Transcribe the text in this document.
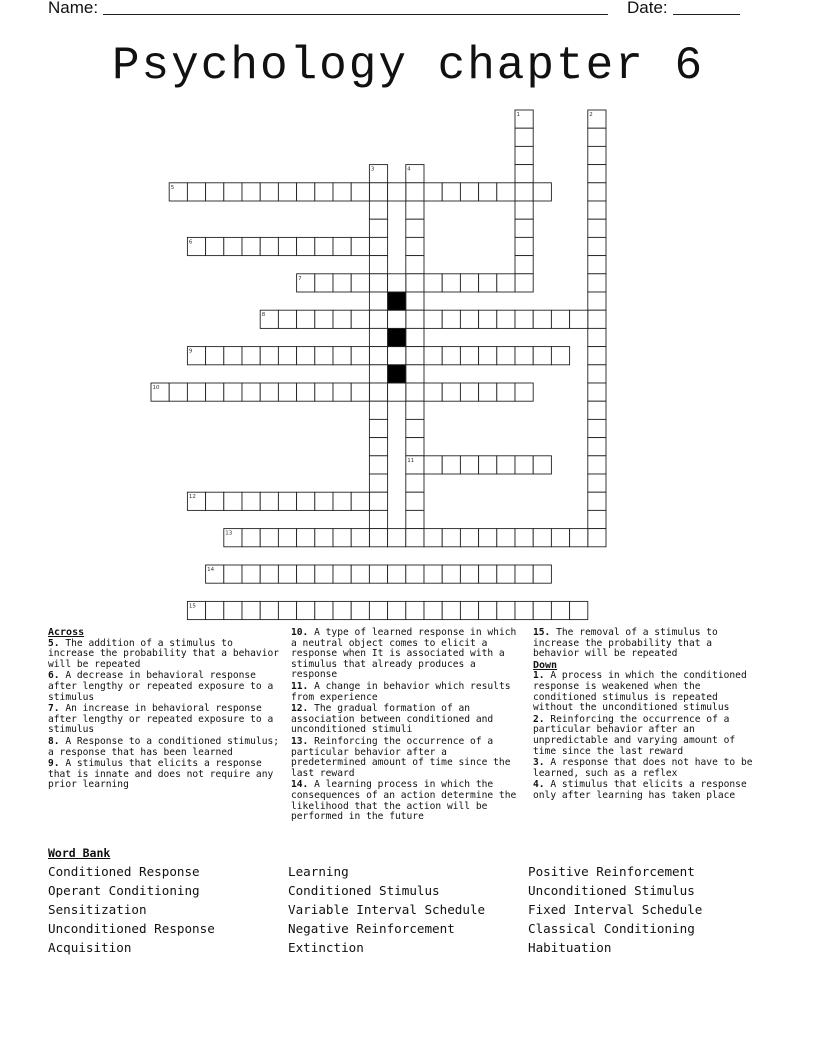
Name:	Date:
Psychology chapter 6
1	2
3	4
5
6
7
8
9
10
11
12
13
14
15
Across
5. The addition of a stimulus to increase the probability that a behavior will be repeated
6. A decrease in behavioral response after lengthy or repeated exposure to a stimulus
7. An increase in behavioral response after lengthy or repeated exposure to a stimulus
8. A Response to a conditioned stimulus; a response that has been learned
9. A stimulus that elicits a response that is innate and does not require any prior learning
10. A type of learned response in which a neutral object comes to elicit a response when It is associated with a stimulus that already produces a response
11. A change in behavior which results from experience
12. The gradual formation of an association between conditioned and unconditioned stimuli
13. Reinforcing the occurrence of a particular behavior after a predetermined amount of time since the last reward
14. A learning process in which the consequences of an action determine the likelihood that the action will be performed in the future
15. The removal of a stimulus to increase the probability that a behavior will be repeated
Down
1. A process in which the conditioned response is weakened when the conditioned stimulus is repeated without the unconditioned stimulus
2. Reinforcing the occurrence of a particular behavior after an unpredictable and varying amount of time since the last reward
3. A response that does not have to be learned, such as a reflex
4. A stimulus that elicits a response only after learning has taken place
Word Bank
Conditioned Response	Learning	Positive Reinforcement
Operant Conditioning	Conditioned Stimulus	Unconditioned Stimulus
Sensitization	Variable Interval Schedule	Fixed Interval Schedule
Unconditioned Response	Negative Reinforcement	Classical Conditioning
Acquisition	Extinction	Habituation
